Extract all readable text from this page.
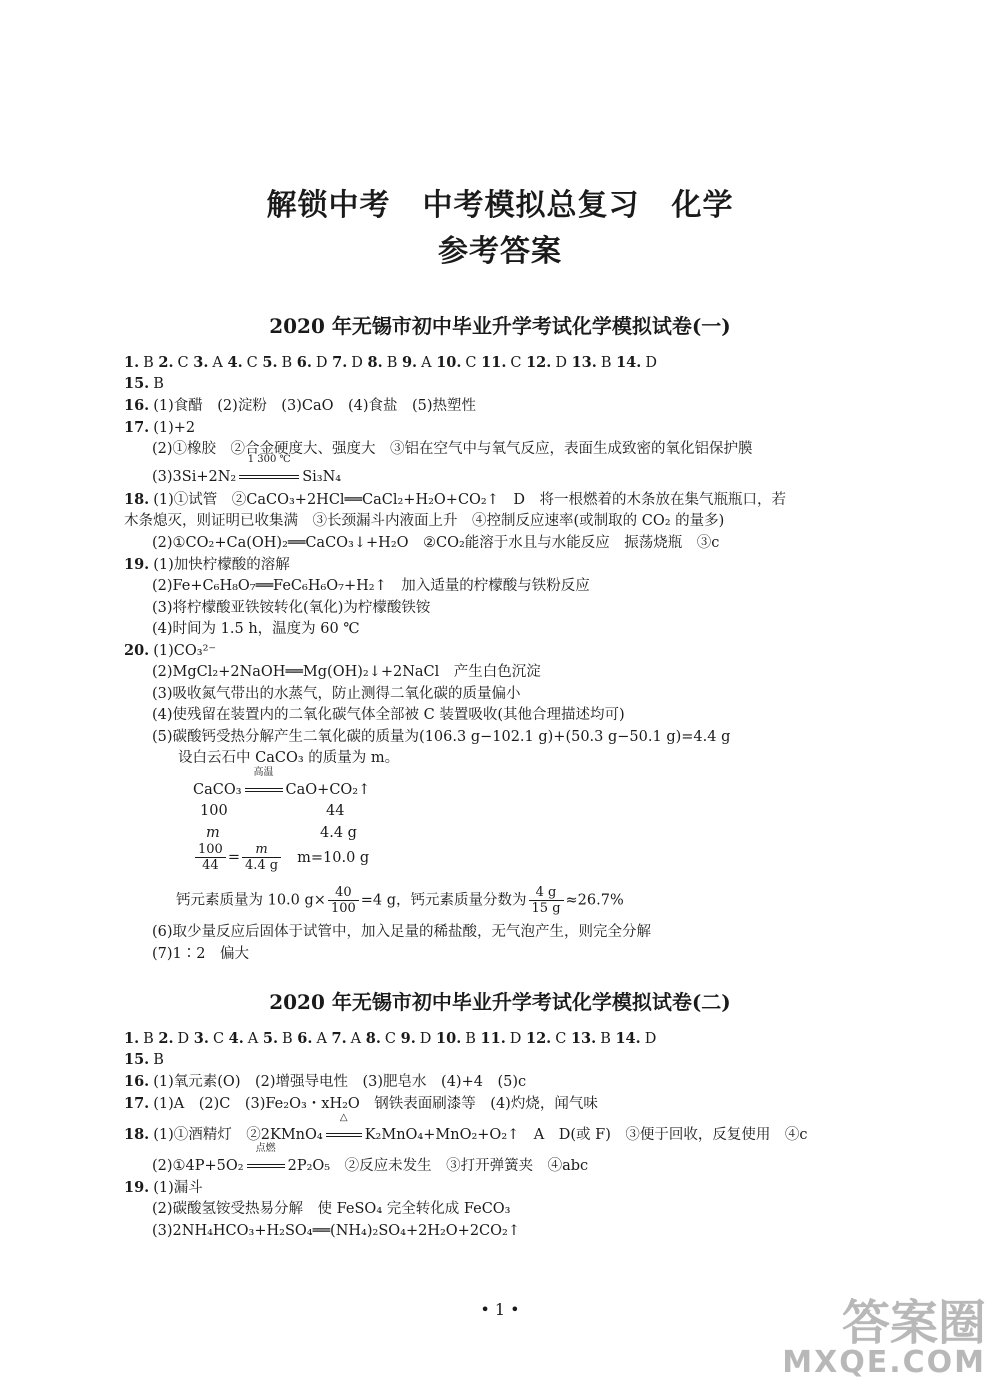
解锁中考 中考模拟总复习 化学
参考答案
2020 年无锡市初中毕业升学考试化学模拟试卷(一)
1. B 2. C 3. A 4. C 5. B 6. D 7. D 8. B 9. A 10. C 11. C 12. D 13. B 14. D
15. B
16. (1)食醋　(2)淀粉　(3)CaO　(4)食盐　(5)热塑性
17. (1)+2
(2)①橡胶　②合金硬度大、强度大　③铝在空气中与氧气反应，表面生成致密的氧化铝保护膜
(3)3Si+2N₂
1 300 ℃
Si₃N₄
18. (1)①试管　②CaCO₃+2HCl══CaCl₂+H₂O+CO₂↑　D　将一根燃着的木条放在集气瓶瓶口，若
木条熄灭，则证明已收集满　③长颈漏斗内液面上升　④控制反应速率(或制取的 CO₂ 的量多)
(2)①CO₂+Ca(OH)₂══CaCO₃↓+H₂O　②CO₂能溶于水且与水能反应　振荡烧瓶　③c
19. (1)加快柠檬酸的溶解
(2)Fe+C₆H₈O₇══FeC₆H₆O₇+H₂↑　加入适量的柠檬酸与铁粉反应
(3)将柠檬酸亚铁铵转化(氧化)为柠檬酸铁铵
(4)时间为 1.5 h，温度为 60 ℃
20. (1)CO₃²⁻
(2)MgCl₂+2NaOH══Mg(OH)₂↓+2NaCl　产生白色沉淀
(3)吸收氮气带出的水蒸气，防止测得二氧化碳的质量偏小
(4)使残留在装置内的二氧化碳气体全部被 C 装置吸收(其他合理描述均可)
(5)碳酸钙受热分解产生二氧化碳的质量为(106.3 g−102.1 g)+(50.3 g−50.1 g)=4.4 g
设白云石中 CaCO₃ 的质量为 m。
CaCO₃
高温
CaO+CO₂↑
100	44
m	4.4 g
$\frac{100}{44} = \frac{m}{4.4 g} m=10.0$ g
钙元素质量为 10.0 $g\times \frac{40}{100} =4$ g，钙元素质量分数为 $\frac{4 g}{15 g} \approx 26.7\%$
(6)取少量反应后固体于试管中，加入足量的稀盐酸，无气泡产生，则完全分解
(7)1∶2　偏大
2020 年无锡市初中毕业升学考试化学模拟试卷(二)
1. B 2. D 3. C 4. A 5. B 6. A 7. A 8. C 9. D 10. B 11. D 12. C 13. B 14. D
15. B
16. (1)氧元素(O)　(2)增强导电性　(3)肥皂水　(4)+4　(5)c
17. (1)A　(2)C　(3)Fe₂O₃・xH₂O　钢铁表面刷漆等　(4)灼烧，闻气味
18. (1)①酒精灯　②2KMnO₄
△
K₂MnO₄+MnO₂+O₂↑　A　D(或 F)　③便于回收，反复使用　④c
(2)①4P+5O₂
点燃
2P₂O₅　②反应未发生　③打开弹簧夹　④abc
19. (1)漏斗
(2)碳酸氢铵受热易分解　使 FeSO₄ 完全转化成 FeCO₃
(3)2NH₄HCO₃+H₂SO₄══(NH₄)₂SO₄+2H₂O+2CO₂↑
• 1 •	答案圈
MXQE.COM
